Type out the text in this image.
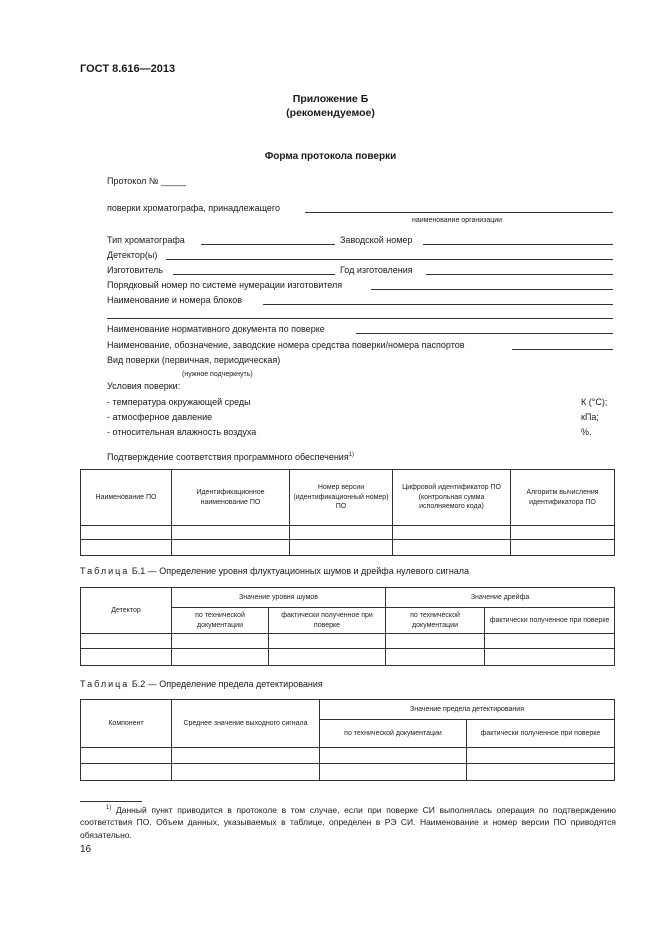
ГОСТ 8.616—2013
Приложение Б
(рекомендуемое)
Форма протокола поверки
Протокол № _____
поверки хроматографа, принадлежащего
наименование организации
Тип хроматографа	Заводской номер
Детектор(ы)
Изготовитель	Год изготовления
Порядковый номер по системе нумерации изготовителя
Наименование и номера блоков
Наименование нормативного документа по поверке
Наименование, обозначение, заводские номера средства поверки/номера паспортов
Вид поверки (первичная, периодическая)
(нужное подчеркнуть)
Условия поверки:
- температура окружающей среды	К (°С);
- атмосферное давление	кПа;
- относительная влажность воздуха	%.
Подтверждение соответствия программного обеспечения$^{1)}$
Наименование ПО	Идентификационное наименование ПО	Номер версии (идентификационный номер) ПО	Цифровой идентификатор ПО (контрольная сумма исполняемого кода)	Алгоритм вычисления идентификатора ПО

Таблица Б.1 — Определение уровня флуктуационных шумов и дрейфа нулевого сигнала
Детектор	Значение уровня шумов		Значение дрейфа	
	по технической документации	фактически полученное при поверке	по технической документации	фактически полученное при поверке

Таблица Б.2 — Определение предела детектирования
Компонент	Среднее значение выходного сигнала	Значение предела детектирования	
		по технической документации	фактически полученное при поверке

$^{1)}$ Данный пункт приводится в протоколе в том случае, если при поверке СИ выполнялась операция по подтверждению соответствия ПО. Объем данных, указываемых в таблице, определен в РЭ СИ. Наименование и номер версии ПО приводятся обязательно.
16
